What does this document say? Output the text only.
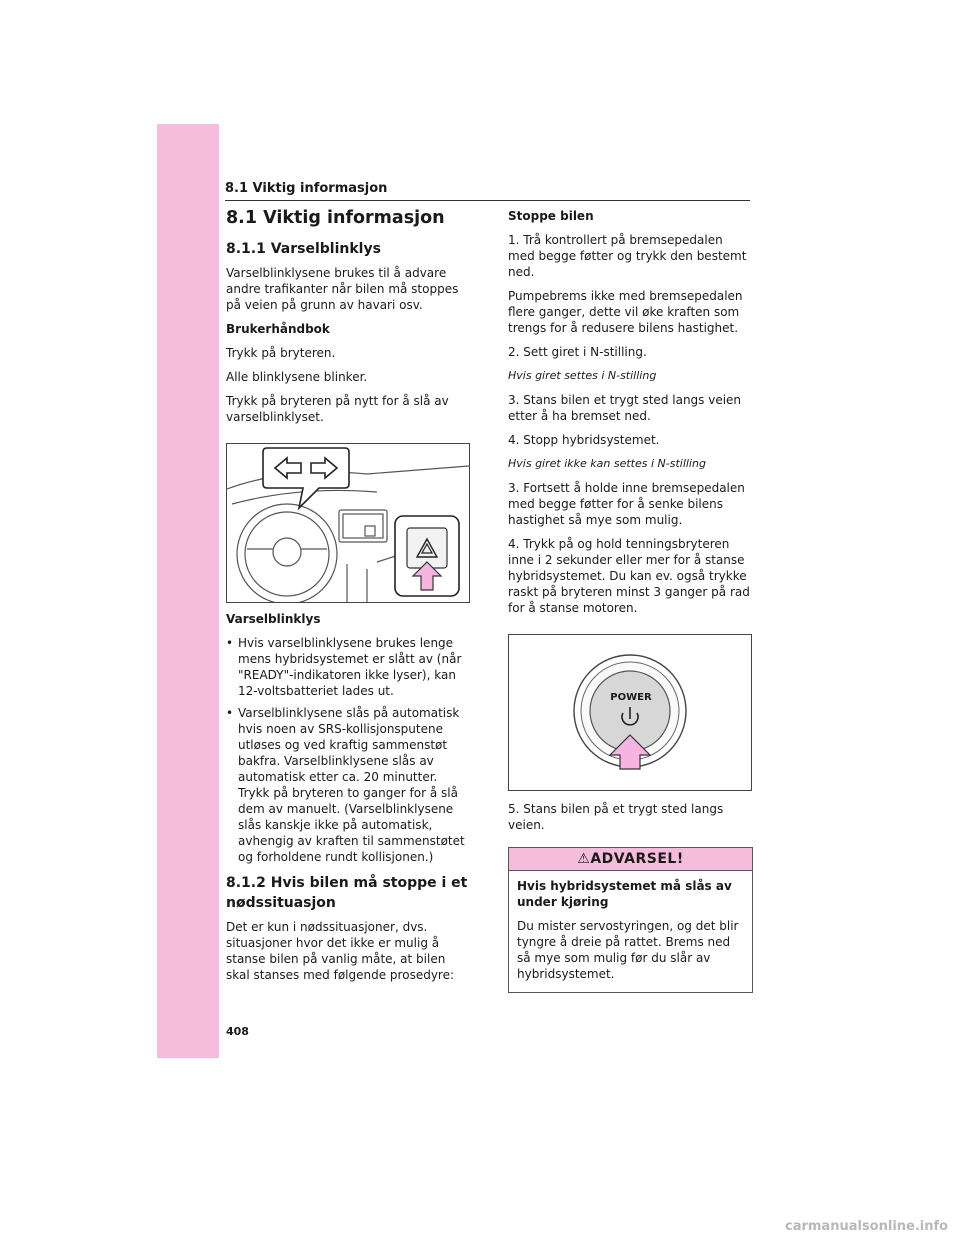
8.1 Viktig informasjon
8.1 Viktig informasjon
8.1.1 Varselblinklys

Varselblinklysene brukes til å advare andre trafikanter når bilen må stoppes på veien på grunn av havari osv.

Brukerhåndbok

Trykk på bryteren.

Alle blinklysene blinker.

Trykk på bryteren på nytt for å slå av varselblinklyset.

Varselblinklys

• Hvis varselblinklysene brukes lenge mens hybridsystemet er slått av (når "READY"-indikatoren ikke lyser), kan 12-voltsbatteriet lades ut.
• Varselblinklysene slås på automatisk hvis noen av SRS-kollisjonsputene utløses og ved kraftig sammenstøt bakfra. Varselblinklysene slås av automatisk etter ca. 20 minutter. Trykk på bryteren to ganger for å slå dem av manuelt. (Varselblinklysene slås kanskje ikke på automatisk, avhengig av kraften til sammenstøtet og forholdene rundt kollisjonen.)
8.1.2 Hvis bilen må stoppe i et nødssituasjon

Det er kun i nødssituasjoner, dvs. situasjoner hvor det ikke er mulig å stanse bilen på vanlig måte, at bilen skal stanses med følgende prosedyre:

Stoppe bilen

1. Trå kontrollert på bremsepedalen med begge føtter og trykk den bestemt ned.

Pumpebrems ikke med bremsepedalen flere ganger, dette vil øke kraften som trengs for å redusere bilens hastighet.

2. Sett giret i N-stilling.

Hvis giret settes i N-stilling

3. Stans bilen et trygt sted langs veien etter å ha bremset ned.

4. Stopp hybridsystemet.

Hvis giret ikke kan settes i N-stilling

3. Fortsett å holde inne bremsepedalen med begge føtter for å senke bilens hastighet så mye som mulig.

4. Trykk på og hold tenningsbryteren inne i 2 sekunder eller mer for å stanse hybridsystemet. Du kan ev. også trykke raskt på bryteren minst 3 ganger på rad for å stanse motoren.

POWER

5. Stans bilen på et trygt sted langs veien.

⚠ADVARSEL!

Hvis hybridsystemet må slås av under kjøring

Du mister servostyringen, og det blir tyngre å dreie på rattet. Brems ned så mye som mulig før du slår av hybridsystemet.

408
carmanualsonline.info
